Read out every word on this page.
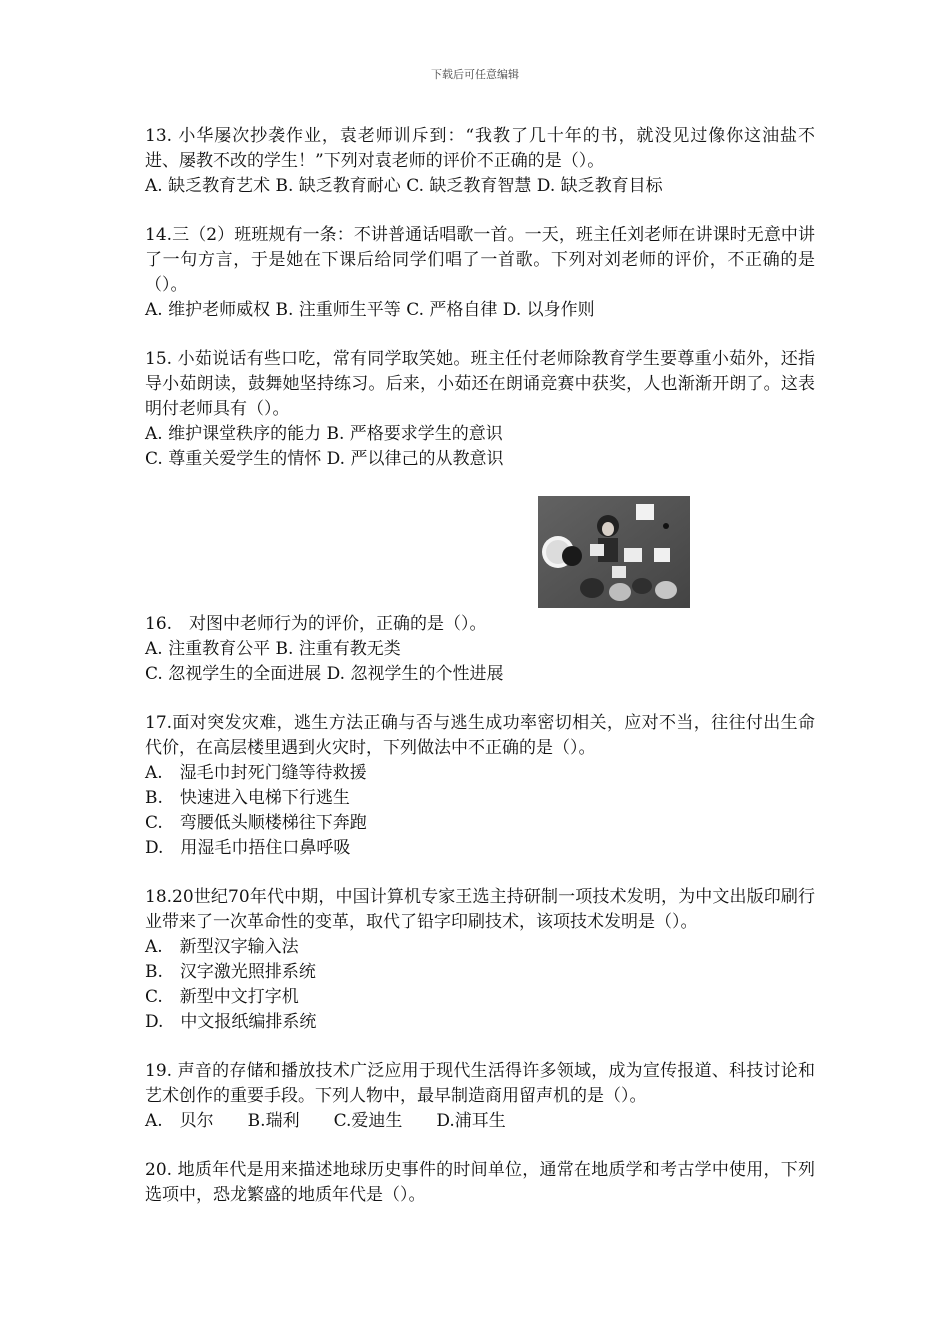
下载后可任意编辑

13. 小华屡次抄袭作业，袁老师训斥到：“我教了几十年的书，就没见过像你这油盐不进、屡教不改的学生！”下列对袁老师的评价不正确的是（）。

A. 缺乏教育艺术 B. 缺乏教育耐心 C. 缺乏教育智慧 D. 缺乏教育目标

14.三（2）班班规有一条：不讲普通话唱歌一首。一天，班主任刘老师在讲课时无意中讲了一句方言，于是她在下课后给同学们唱了一首歌。下列对刘老师的评价，不正确的是（）。

A. 维护老师威权 B. 注重师生平等 C. 严格自律 D. 以身作则

15. 小茹说话有些口吃，常有同学取笑她。班主任付老师除教育学生要尊重小茹外，还指导小茹朗读，鼓舞她坚持练习。后来，小茹还在朗诵竞赛中获奖，人也渐渐开朗了。这表明付老师具有（）。

A. 维护课堂秩序的能力 B. 严格要求学生的意识
C. 尊重关爱学生的情怀 D. 严以律己的从教意识
16.　对图中老师行为的评价，正确的是（）。
A. 注重教育公平 B. 注重有教无类
C. 忽视学生的全面进展 D. 忽视学生的个性进展

17.面对突发灾难，逃生方法正确与否与逃生成功率密切相关，应对不当，往往付出生命代价，在高层楼里遇到火灾时，下列做法中不正确的是（）。

A.　湿毛巾封死门缝等待救援
B.　快速进入电梯下行逃生
C.　弯腰低头顺楼梯往下奔跑
D.　用湿毛巾捂住口鼻呼吸

18.20世纪70年代中期，中国计算机专家王选主持研制一项技术发明，为中文出版印刷行业带来了一次革命性的变革，取代了铅字印刷技术，该项技术发明是（）。

A.　新型汉字输入法
B.　汉字激光照排系统
C.　新型中文打字机
D.　中文报纸编排系统

19. 声音的存储和播放技术广泛应用于现代生活得许多领域，成为宣传报道、科技讨论和艺术创作的重要手段。下列人物中，最早制造商用留声机的是（）。

A.　贝尔　　B.瑞利　　C.爱迪生　　D.浦耳生

20. 地质年代是用来描述地球历史事件的时间单位，通常在地质学和考古学中使用，下列选项中，恐龙繁盛的地质年代是（）。
